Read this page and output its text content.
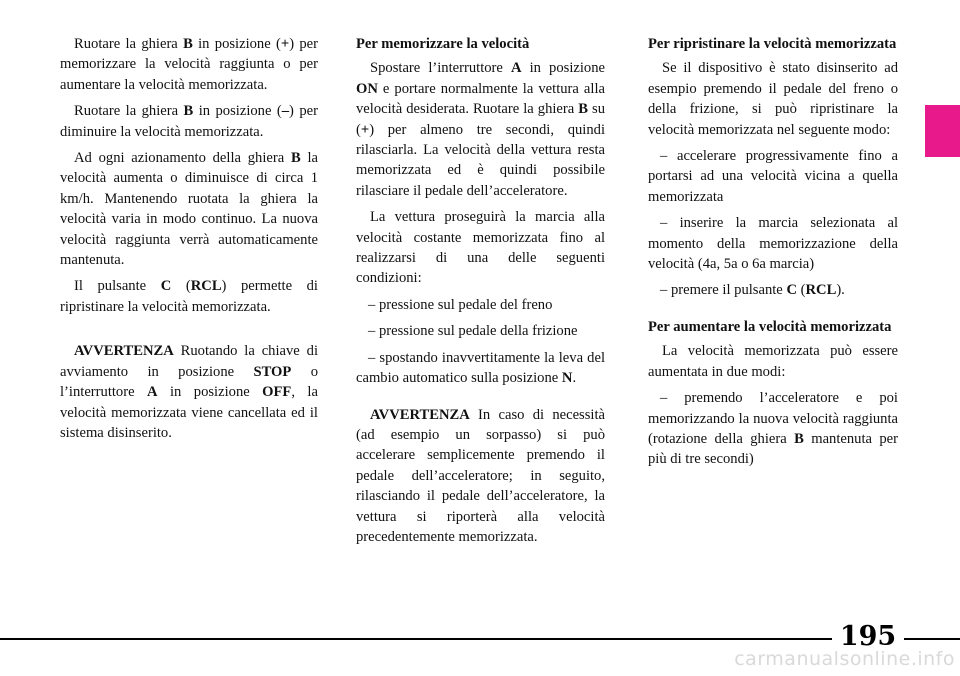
Ruotare la ghiera B in posizione (+) per memorizzare la velocità raggiunta o per aumentare la velocità memorizzata.

Ruotare la ghiera B in posizione (–) per diminuire la velocità memorizzata.

Ad ogni azionamento della ghiera B la velocità aumenta o diminuisce di circa 1 km/h. Mantenendo ruotata la ghiera la velocità varia in modo continuo. La nuova velocità raggiunta verrà automaticamente mantenuta.

Il pulsante C (RCL) permette di ripristinare la velocità memorizzata.

AVVERTENZA Ruotando la chiave di avviamento in posizione STOP o l’interruttore A in posizione OFF, la velocità memorizzata viene cancellata ed il sistema disinserito.

Per memorizzare la velocità

Spostare l’interruttore A in posizione ON e portare normalmente la vettura alla velocità desiderata. Ruotare la ghiera B su (+) per almeno tre secondi, quindi rilasciarla. La velocità della vettura resta memorizzata ed è quindi possibile rilasciare il pedale dell’acceleratore.

La vettura proseguirà la marcia alla velocità costante memorizzata fino al realizzarsi di una delle seguenti condizioni:

– pressione sul pedale del freno

– pressione sul pedale della frizione

– spostando inavvertitamente la leva del cambio automatico sulla posizione N.

AVVERTENZA In caso di necessità (ad esempio un sorpasso) si può accelerare semplicemente premendo il pedale dell’acceleratore; in seguito, rilasciando il pedale dell’acceleratore, la vettura si riporterà alla velocità precedentemente memorizzata.

Per ripristinare la velocità memorizzata

Se il dispositivo è stato disinserito ad esempio premendo il pedale del freno o della frizione, si può ripristinare la velocità memorizzata nel seguente modo:

– accelerare progressivamente fino a portarsi ad una velocità vicina a quella memorizzata

– inserire la marcia selezionata al momento della memorizzazione della velocità (4a, 5a o 6a marcia)

– premere il pulsante C (RCL).

Per aumentare la velocità memorizzata

La velocità memorizzata può essere aumentata in due modi:

– premendo l’acceleratore e poi memorizzando la nuova velocità raggiunta (rotazione della ghiera B mantenuta per più di tre secondi)

195
carmanualsonline.info
